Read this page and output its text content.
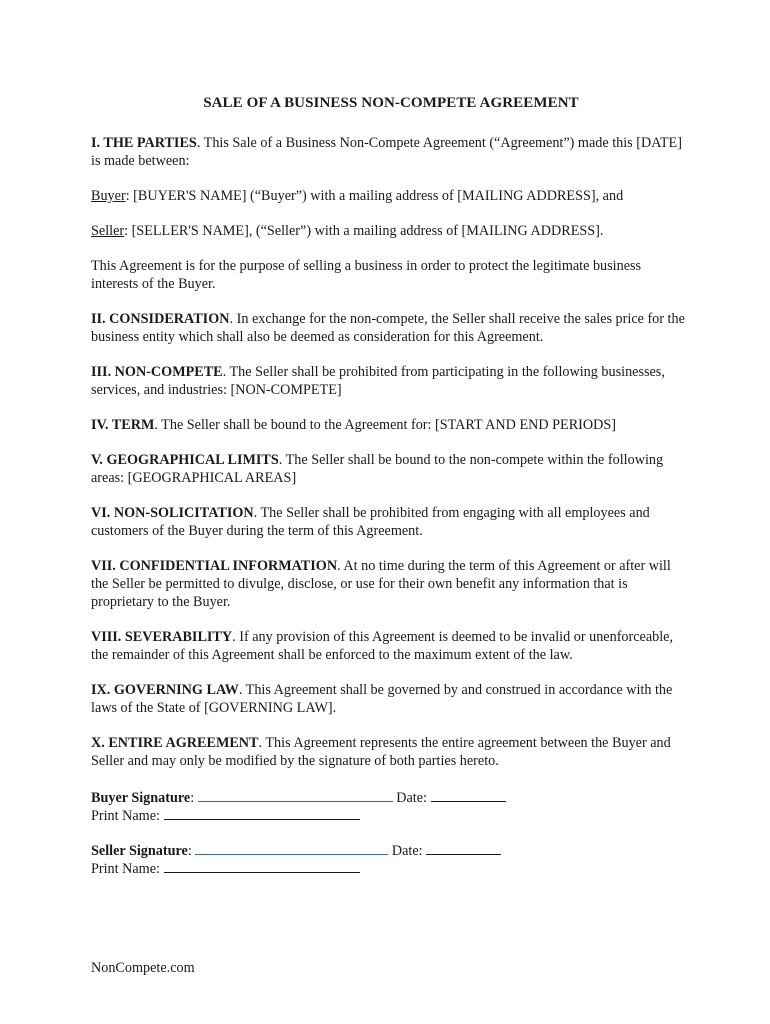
SALE OF A BUSINESS NON-COMPETE AGREEMENT

I. THE PARTIES. This Sale of a Business Non-Compete Agreement (“Agreement”) made this [DATE] is made between:

Buyer: [BUYER'S NAME] (“Buyer”) with a mailing address of [MAILING ADDRESS], and

Seller: [SELLER'S NAME], (“Seller”) with a mailing address of [MAILING ADDRESS].

This Agreement is for the purpose of selling a business in order to protect the legitimate business interests of the Buyer.

II. CONSIDERATION. In exchange for the non-compete, the Seller shall receive the sales price for the business entity which shall also be deemed as consideration for this Agreement.

III. NON-COMPETE. The Seller shall be prohibited from participating in the following businesses, services, and industries: [NON-COMPETE]

IV. TERM. The Seller shall be bound to the Agreement for: [START AND END PERIODS]

V. GEOGRAPHICAL LIMITS. The Seller shall be bound to the non-compete within the following areas: [GEOGRAPHICAL AREAS]

VI. NON-SOLICITATION. The Seller shall be prohibited from engaging with all employees and customers of the Buyer during the term of this Agreement.

VII. CONFIDENTIAL INFORMATION. At no time during the term of this Agreement or after will the Seller be permitted to divulge, disclose, or use for their own benefit any information that is proprietary to the Buyer.

VIII. SEVERABILITY. If any provision of this Agreement is deemed to be invalid or unenforceable, the remainder of this Agreement shall be enforced to the maximum extent of the law.

IX. GOVERNING LAW. This Agreement shall be governed by and construed in accordance with the laws of the State of [GOVERNING LAW].

X. ENTIRE AGREEMENT. This Agreement represents the entire agreement between the Buyer and Seller and may only be modified by the signature of both parties hereto.

Buyer Signature:	Date:
Print Name:
Seller Signature:	Date:
Print Name:
NonCompete.com
